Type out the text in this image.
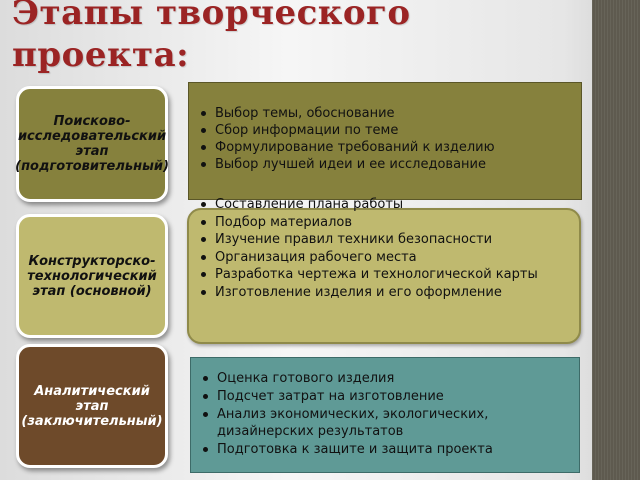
Этапы творческого проекта:
Поисково-исследовательский этап (подготовительный)
Выбор темы, обоснование
Сбор информации по теме
Формулирование требований к изделию
Выбор лучшей идеи и ее исследование
Конструкторско-технологический этап (основной)
Составление плана работы
Подбор материалов
Изучение правил техники безопасности
Организация рабочего места
Разработка чертежа и технологической карты
Изготовление изделия и его оформление
Аналитический этап (заключительный)
Оценка готового изделия
Подсчет затрат на изготовление
Анализ экономических, экологических, дизайнерских результатов
Подготовка к защите и защита проекта
